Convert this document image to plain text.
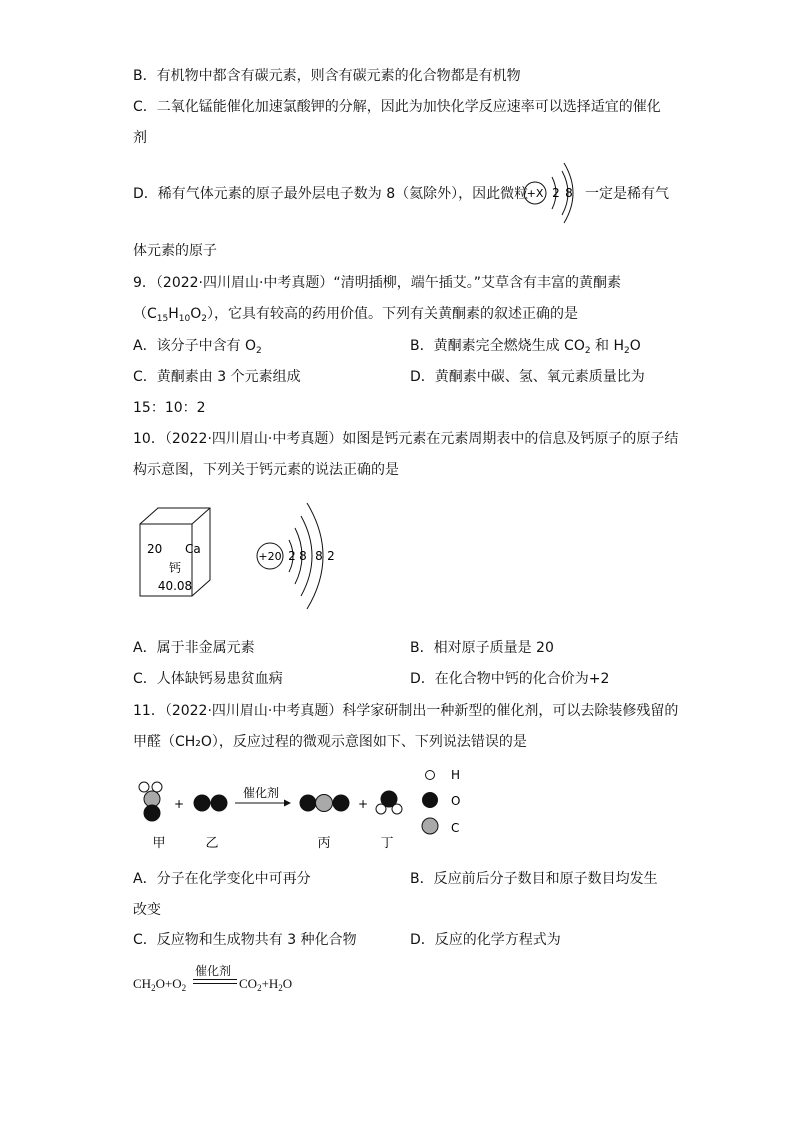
B．有机物中都含有碳元素，则含有碳元素的化合物都是有机物
C．二氧化锰能催化加速氯酸钾的分解，因此为加快化学反应速率可以选择适宜的催化
剂
D．稀有气体元素的原子最外层电子数为 8（氦除外），因此微粒
+X 2 8 一定是稀有气
体元素的原子
9．（2022·四川眉山·中考真题）“清明插柳，端午插艾。”艾草含有丰富的黄酮素
$(C_{15}H_{10}O_2)$，它具有较高的药用价值。下列有关黄酮素的叙述正确的是
A．该分子中含有 $O_2$	B．黄酮素完全燃烧生成 $CO_2$ 和 $H_2O$
C．黄酮素由 3 个元素组成	D．黄酮素中碳、氢、氧元素质量比为
15：10：2
10．（2022·四川眉山·中考真题）如图是钙元素在元素周期表中的信息及钙原子的原子结
构示意图，下列关于钙元素的说法正确的是
20 Ca
钙
40.08
+20 2 8 8 2
A．属于非金属元素	B．相对原子质量是 20
C．人体缺钙易患贫血病	D．在化合物中钙的化合价为+2
11．（2022·四川眉山·中考真题）科学家研制出一种新型的催化剂，可以去除装修残留的
甲醛（CH₂O），反应过程的微观示意图如下、下列说法错误的是
+
催化剂
+
H
O
C
甲	乙	丙	丁
A．分子在化学变化中可再分	B．反应前后分子数目和原子数目均发生
改变
C．反应物和生成物共有 3 种化合物	D．反应的化学方程式为
$CH_2O+O_2$
催化剂
$CO_2+H_2O$
